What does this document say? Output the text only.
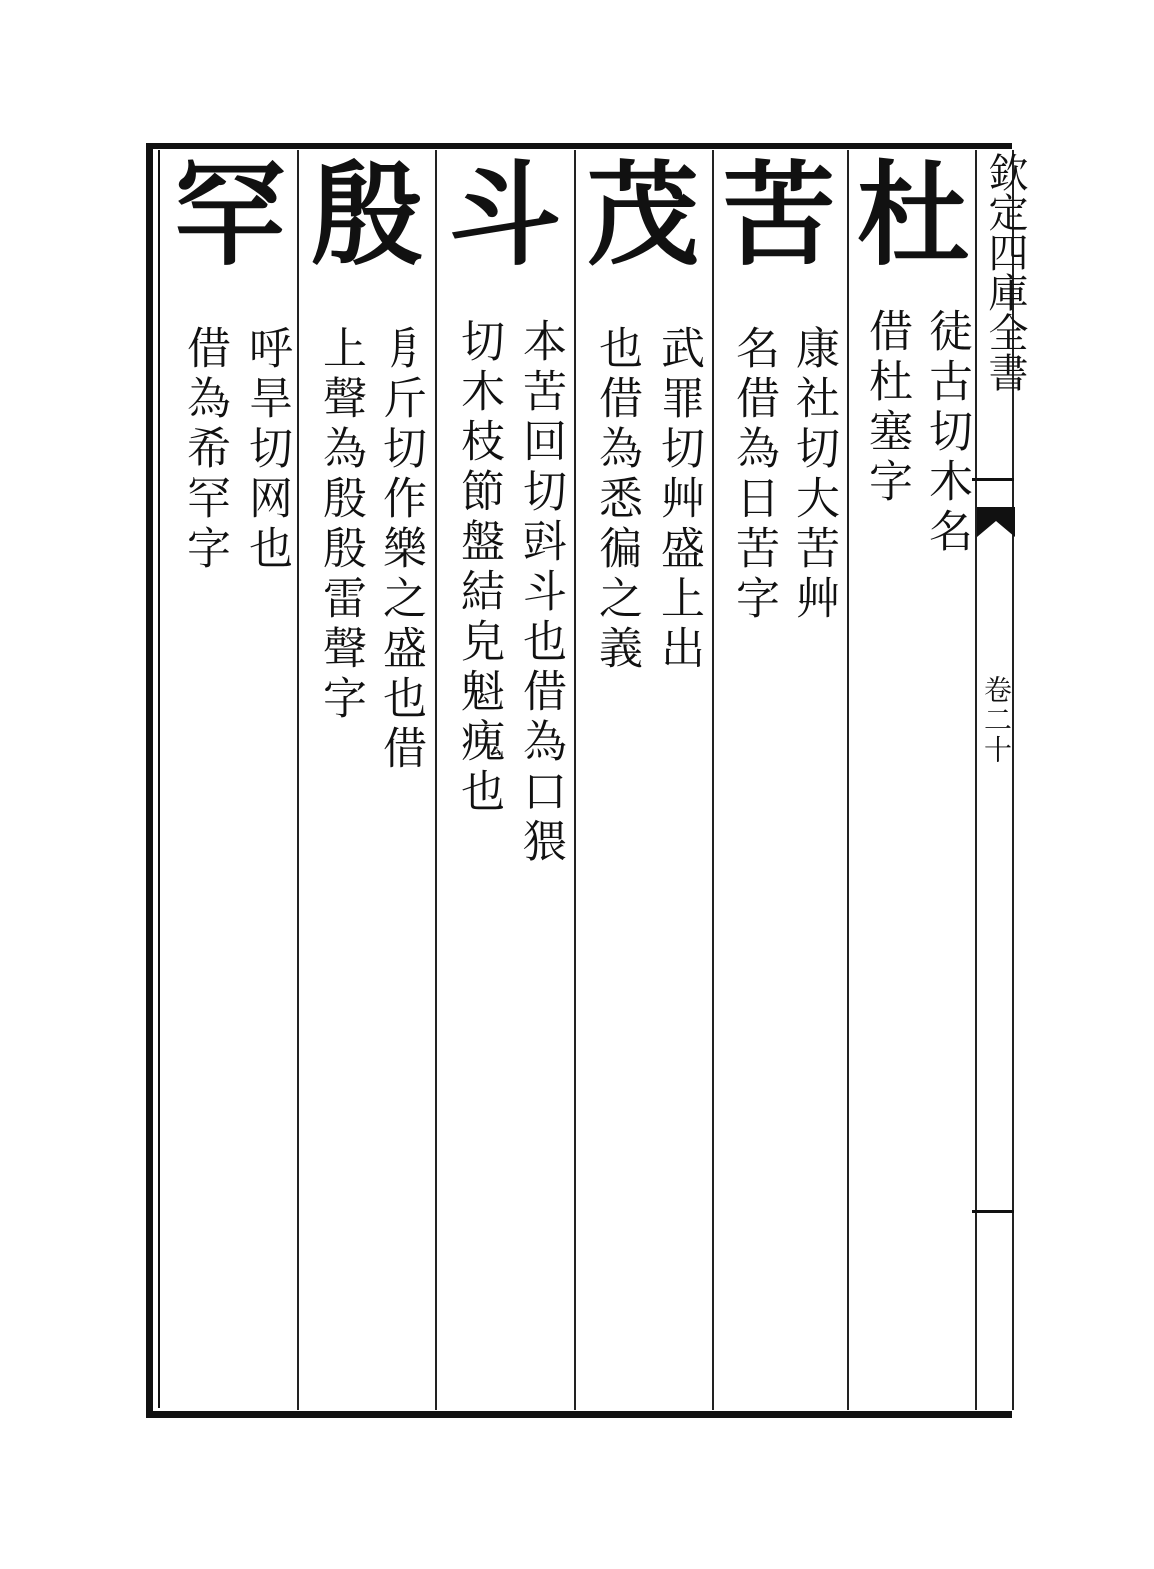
欽定四庫全書
卷二十
杜
徒古切木名
借杜塞字
苦
康社切大苦艸
名借為日苦字
茂
武罪切艸盛上出
也借為悉徧之義
斗
本苦回切㪷斗也借為口猥
切木枝節盤結皃魁瘣也
殷
㐆斤切作樂之盛也借
上聲為殷殷雷聲字
罕
呼旱切网也
借為希罕字
